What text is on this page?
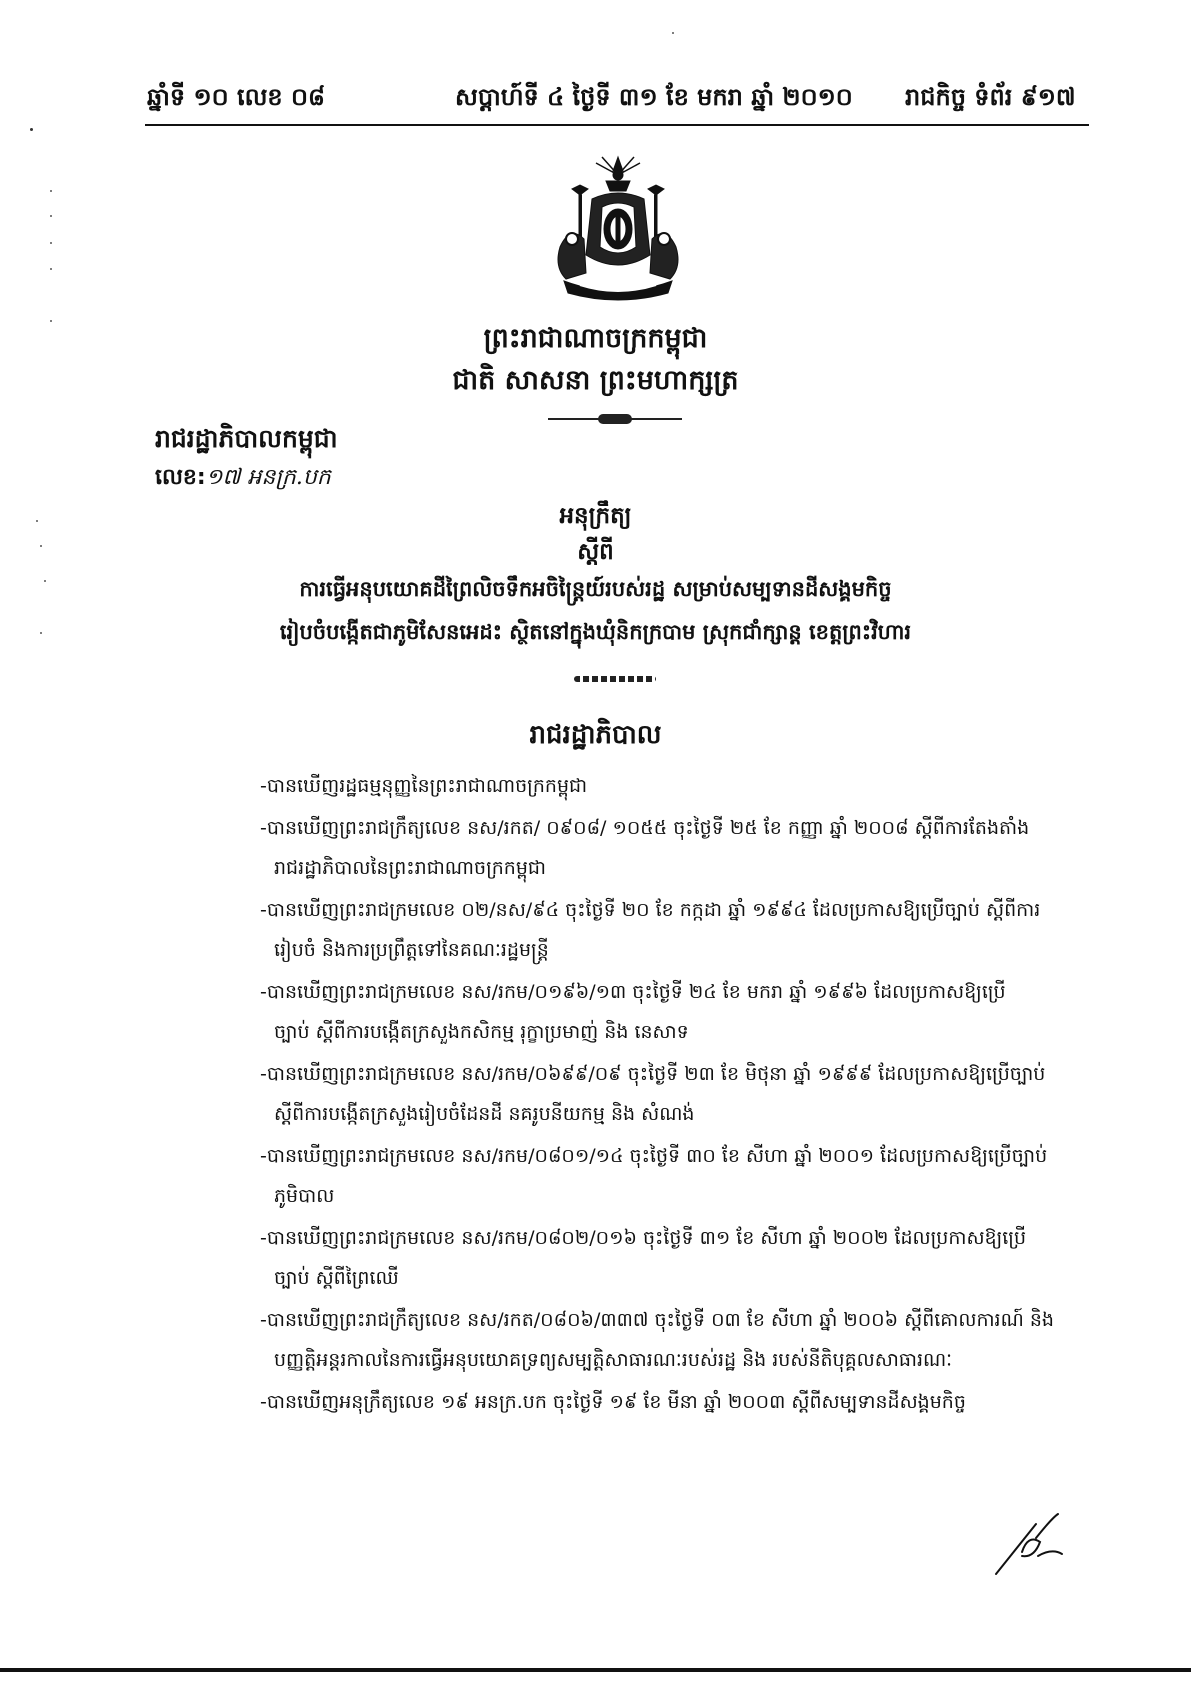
ឆ្នាំទី ១០ លេខ ០៨	សប្តាហ៍ទី ៤ ថ្ងៃទី ៣១ ខែ មករា ឆ្នាំ ២០១០ រាជកិច្ច ទំព័រ ៩១៧
ព្រះរាជាណាចក្រកម្ពុជា
ជាតិ សាសនា ព្រះមហាក្សត្រ
រាជរដ្ឋាភិបាលកម្ពុជា
លេខ:១៧ អនក្រ.បក
អនុក្រឹត្យ
ស្តីពី
ការធ្វើអនុបយោគដីព្រៃលិចទឹកអចិន្ត្រៃយ៍របស់រដ្ឋ សម្រាប់សម្បទានដីសង្គមកិច្ច
រៀបចំបង្កើតជាភូមិសែនអេដះ ស្ថិតនៅក្នុងឃុំនិកក្របាម ស្រុកជាំក្សាន្ត ខេត្តព្រះវិហារ
រាជរដ្ឋាភិបាល
-បានឃើញរដ្ឋធម្មនុញ្ញនៃព្រះរាជាណាចក្រកម្ពុជា
-បានឃើញព្រះរាជក្រឹត្យលេខ នស/រកត/ ០៩០៨/ ១០៥៥ ចុះថ្ងៃទី ២៥ ខែ កញ្ញា ឆ្នាំ ២០០៨ ស្តីពីការតែងតាំង
រាជរដ្ឋាភិបាលនៃព្រះរាជាណាចក្រកម្ពុជា
-បានឃើញព្រះរាជក្រមលេខ ០២/នស/៩៤ ចុះថ្ងៃទី ២០ ខែ កក្កដា ឆ្នាំ ១៩៩៤ ដែលប្រកាសឱ្យប្រើច្បាប់ ស្តីពីការ
រៀបចំ និងការប្រព្រឹត្តទៅនៃគណៈរដ្ឋមន្ត្រី
-បានឃើញព្រះរាជក្រមលេខ នស/រកម/០១៩៦/១៣ ចុះថ្ងៃទី ២៤ ខែ មករា ឆ្នាំ ១៩៩៦ ដែលប្រកាសឱ្យប្រើ
ច្បាប់ ស្តីពីការបង្កើតក្រសួងកសិកម្ម រុក្ខាប្រមាញ់ និង នេសាទ
-បានឃើញព្រះរាជក្រមលេខ នស/រកម/០៦៩៩/០៩ ចុះថ្ងៃទី ២៣ ខែ មិថុនា ឆ្នាំ ១៩៩៩ ដែលប្រកាសឱ្យប្រើច្បាប់
ស្តីពីការបង្កើតក្រសួងរៀបចំដែនដី នគរូបនីយកម្ម និង សំណង់
-បានឃើញព្រះរាជក្រមលេខ នស/រកម/០៨០១/១៤ ចុះថ្ងៃទី ៣០ ខែ សីហា ឆ្នាំ ២០០១ ដែលប្រកាសឱ្យប្រើច្បាប់
ភូមិបាល
-បានឃើញព្រះរាជក្រមលេខ នស/រកម/០៨០២/០១៦ ចុះថ្ងៃទី ៣១ ខែ សីហា ឆ្នាំ ២០០២ ដែលប្រកាសឱ្យប្រើ
ច្បាប់ ស្តីពីព្រៃឈើ
-បានឃើញព្រះរាជក្រឹត្យលេខ នស/រកត/០៨០៦/៣៣៧ ចុះថ្ងៃទី ០៣ ខែ សីហា ឆ្នាំ ២០០៦ ស្តីពីគោលការណ៍ និង
បញ្ញត្តិអន្តរកាលនៃការធ្វើអនុបយោគទ្រព្យសម្បត្តិសាធារណៈរបស់រដ្ឋ និង របស់នីតិបុគ្គលសាធារណៈ
-បានឃើញអនុក្រឹត្យលេខ ១៩ អនក្រ.បក ចុះថ្ងៃទី ១៩ ខែ មីនា ឆ្នាំ ២០០៣ ស្តីពីសម្បទានដីសង្គមកិច្ច
